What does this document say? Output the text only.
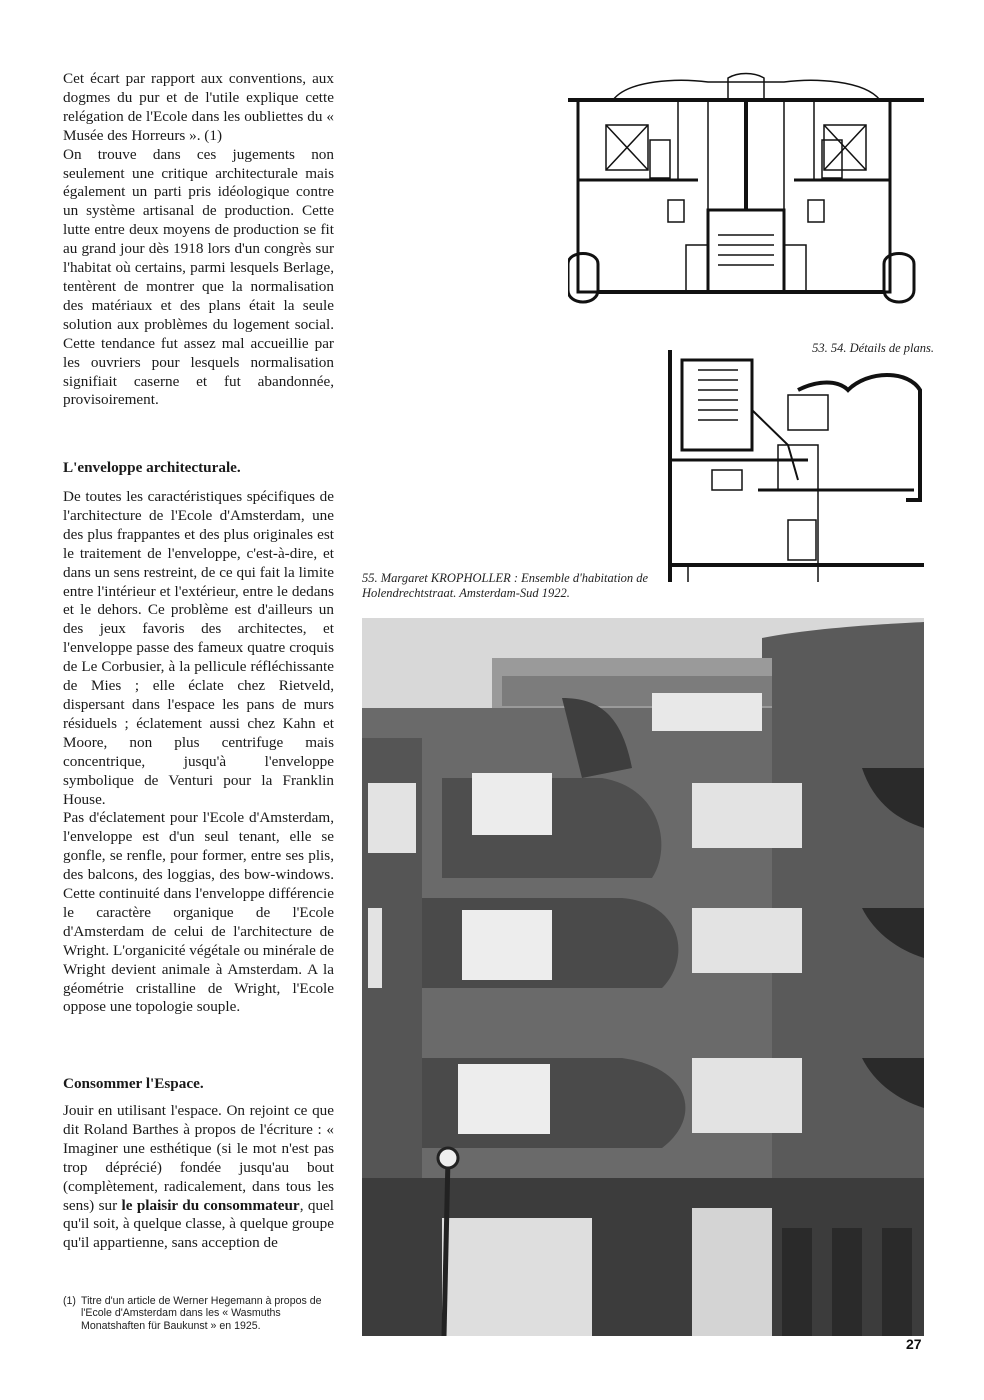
Cet écart par rapport aux conventions, aux dogmes du pur et de l'utile explique cette relégation de l'Ecole dans les oubliettes du « Musée des Horreurs ». (1)

On trouve dans ces jugements non seulement une critique architecturale mais également un parti pris idéologique contre un système artisanal de production. Cette lutte entre deux moyens de production se fit au grand jour dès 1918 lors d'un congrès sur l'habitat où certains, parmi lesquels Berlage, tentèrent de montrer que la normalisation des matériaux et des plans était la seule solution aux problèmes du logement social. Cette tendance fut assez mal accueillie par les ouvriers pour lesquels normalisation signifiait caserne et fut abandonnée, provisoirement.

L'enveloppe architecturale.

De toutes les caractéristiques spécifiques de l'architecture de l'Ecole d'Amsterdam, une des plus frappantes et des plus originales est le traitement de l'enveloppe, c'est-à-dire, et dans un sens restreint, de ce qui fait la limite entre l'intérieur et l'extérieur, entre le dedans et le dehors. Ce problème est d'ailleurs un des jeux favoris des architectes, et l'enveloppe passe des fameux quatre croquis de Le Corbusier, à la pellicule réfléchissante de Mies ; elle éclate chez Rietveld, dispersant dans l'espace les pans de murs résiduels ; éclatement aussi chez Kahn et Moore, non plus centrifuge mais concentrique, jusqu'à l'enveloppe symbolique de Venturi pour la Franklin House.

Pas d'éclatement pour l'Ecole d'Amsterdam, l'enveloppe est d'un seul tenant, elle se gonfle, se renfle, pour former, entre ses plis, des balcons, des loggias, des bow-windows. Cette continuité dans l'enveloppe différencie le caractère organique de l'Ecole d'Amsterdam de celui de l'architecture de Wright. L'organicité végétale ou minérale de Wright devient animale à Amsterdam. A la géométrie cristalline de Wright, l'Ecole oppose une topologie souple.

Consommer l'Espace.

Jouir en utilisant l'espace. On rejoint ce que dit Roland Barthes à propos de l'écriture : « Imaginer une esthétique (si le mot n'est pas trop déprécié) fondée jusqu'au bout (complètement, radicalement, dans tous les sens) sur le plaisir du consommateur, quel qu'il soit, à quelque classe, à quelque groupe qu'il appartienne, sans acception de

(1) Titre d'un article de Werner Hegemann à propos de l'Ecole d'Amsterdam dans les « Wasmuths Monatshaften für Baukunst » en 1925.
53. 54. Détails de plans.
55. Margaret KROPHOLLER : Ensemble d'habitation de Holendrechtstraat. Amsterdam-Sud 1922.
27
